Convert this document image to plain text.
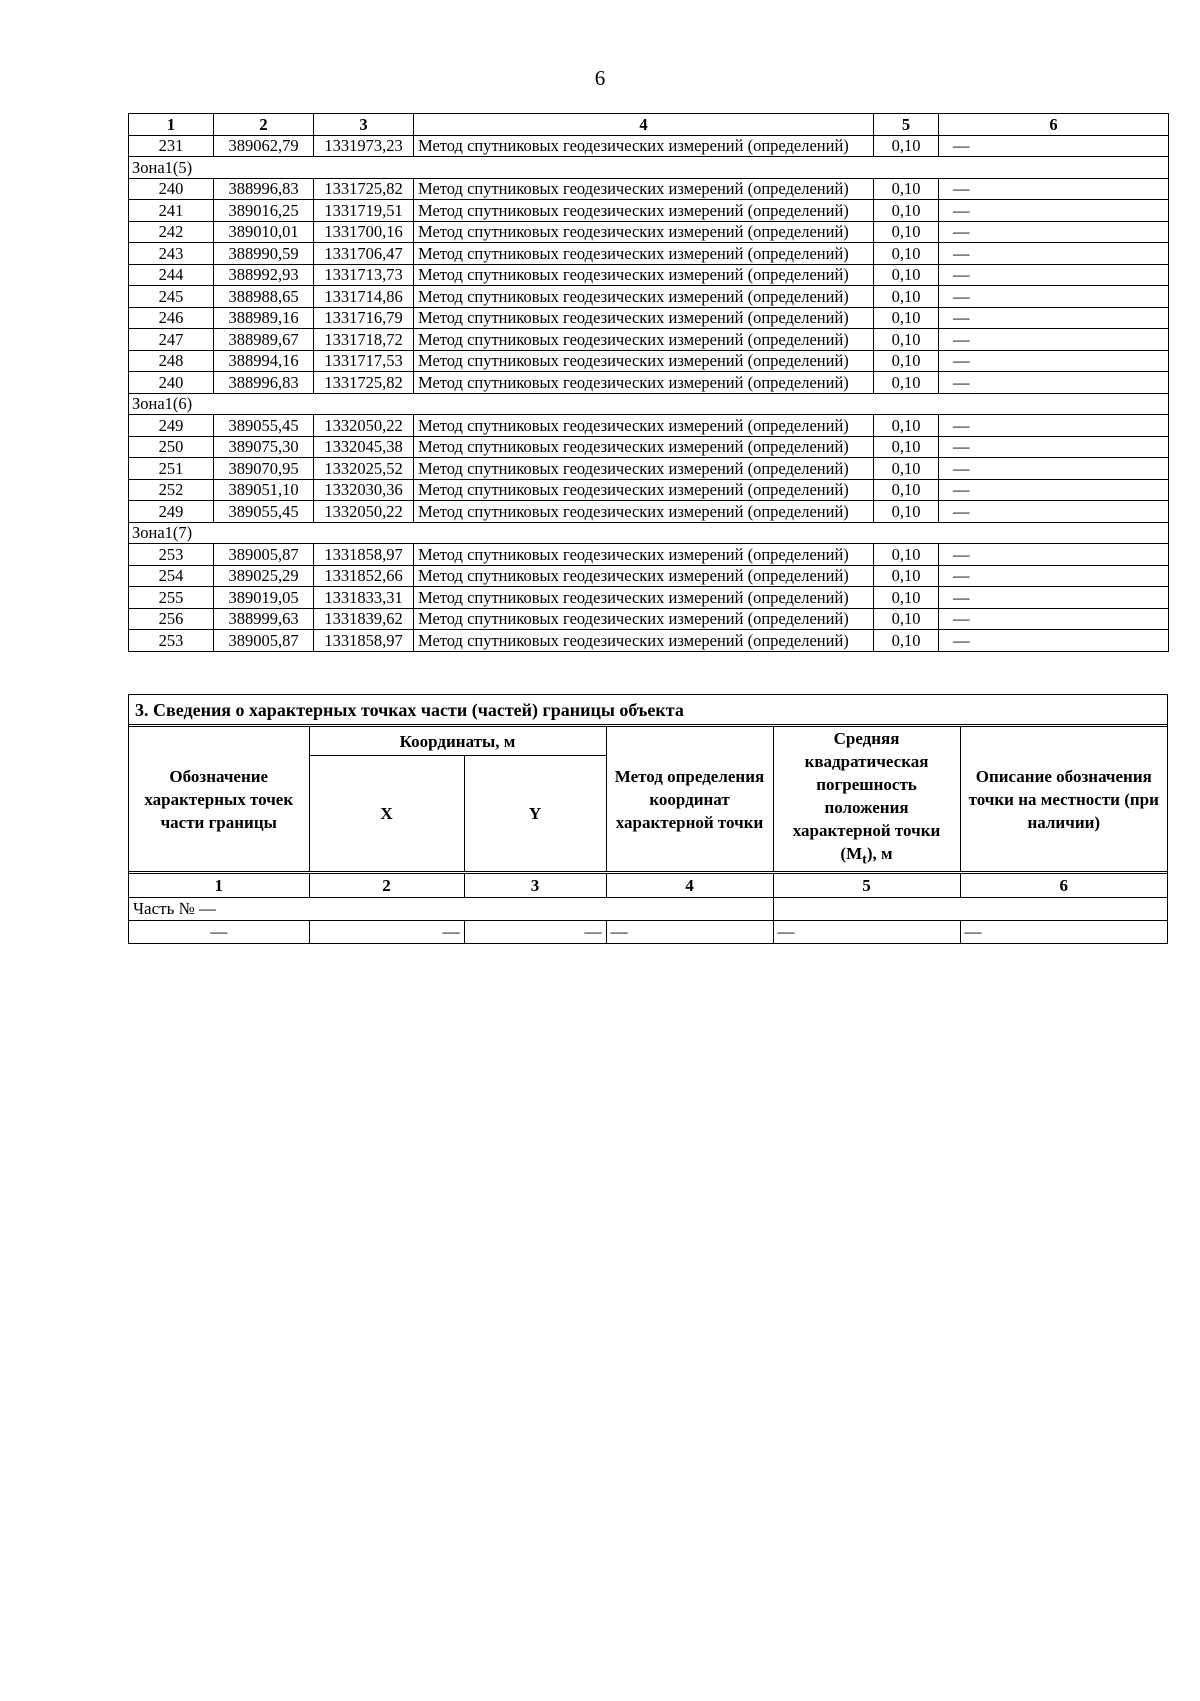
6
1	2	3	4	5	6
231	389062,79	1331973,23	Метод спутниковых геодезических измерений (определений)	0,10	—
Зона1(5)					
240	388996,83	1331725,82	Метод спутниковых геодезических измерений (определений)	0,10	—
241	389016,25	1331719,51	Метод спутниковых геодезических измерений (определений)	0,10	—
242	389010,01	1331700,16	Метод спутниковых геодезических измерений (определений)	0,10	—
243	388990,59	1331706,47	Метод спутниковых геодезических измерений (определений)	0,10	—
244	388992,93	1331713,73	Метод спутниковых геодезических измерений (определений)	0,10	—
245	388988,65	1331714,86	Метод спутниковых геодезических измерений (определений)	0,10	—
246	388989,16	1331716,79	Метод спутниковых геодезических измерений (определений)	0,10	—
247	388989,67	1331718,72	Метод спутниковых геодезических измерений (определений)	0,10	—
248	388994,16	1331717,53	Метод спутниковых геодезических измерений (определений)	0,10	—
240	388996,83	1331725,82	Метод спутниковых геодезических измерений (определений)	0,10	—
Зона1(6)					
249	389055,45	1332050,22	Метод спутниковых геодезических измерений (определений)	0,10	—
250	389075,30	1332045,38	Метод спутниковых геодезических измерений (определений)	0,10	—
251	389070,95	1332025,52	Метод спутниковых геодезических измерений (определений)	0,10	—
252	389051,10	1332030,36	Метод спутниковых геодезических измерений (определений)	0,10	—
249	389055,45	1332050,22	Метод спутниковых геодезических измерений (определений)	0,10	—
Зона1(7)					
253	389005,87	1331858,97	Метод спутниковых геодезических измерений (определений)	0,10	—
254	389025,29	1331852,66	Метод спутниковых геодезических измерений (определений)	0,10	—
255	389019,05	1331833,31	Метод спутниковых геодезических измерений (определений)	0,10	—
256	388999,63	1331839,62	Метод спутниковых геодезических измерений (определений)	0,10	—
253	389005,87	1331858,97	Метод спутниковых геодезических измерений (определений)	0,10	—
3. Сведения о характерных точках части (частей) границы объекта
Обозначение характерных точек части границы	Координаты, м		Метод определения координат характерной точки	Средняя квадратическая погрешность положения характерной точки $(M_t)$, м	Описание обозначения точки на местности (при наличии)
	X	Y			
1	2	3	4	5	6
Часть № —					
—	—	—	—	—	—
